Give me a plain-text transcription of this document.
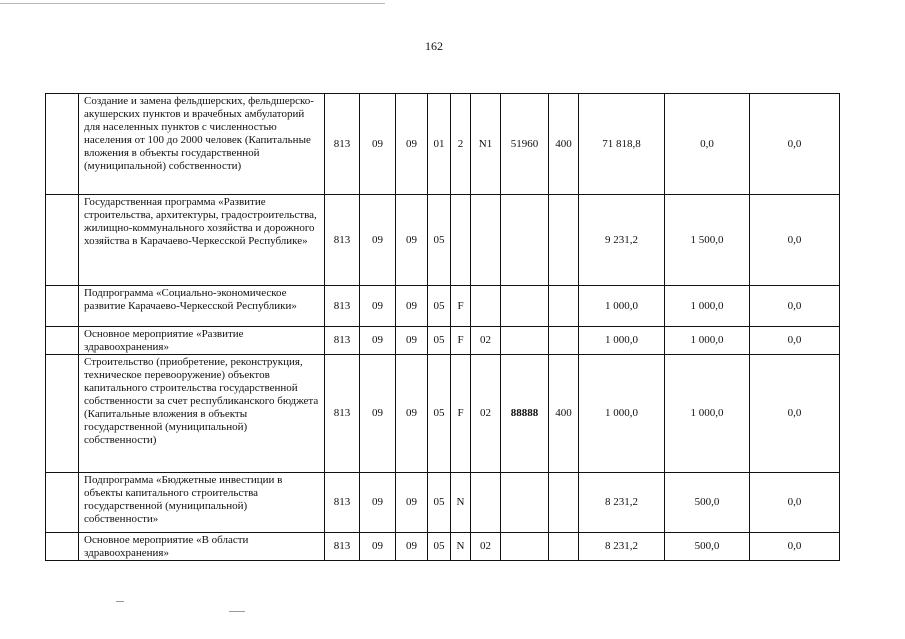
162
	Создание и замена фельдшерских, фельдшерско-акушерских пунктов и врачебных амбулаторий для населенных пунктов с численностью населения от 100 до 2000 человек (Капитальные вложения в объекты государственной (муниципальной) собственности)	813	09	09	01	2	N1	51960	400	71 818,8	0,0	0,0
	Государственная программа «Развитие строительства, архитектуры, градостроительства, жилищно-коммунального хозяйства и дорожного хозяйства в Карачаево-Черкесской Республике»	813	09	09	05					9 231,2	1 500,0	0,0
	Подпрограмма «Социально-экономическое развитие Карачаево-Черкесской Республики»	813	09	09	05	F				1 000,0	1 000,0	0,0
	Основное мероприятие «Развитие здравоохранения»	813	09	09	05	F	02			1 000,0	1 000,0	0,0
	Строительство (приобретение, реконструкция, техническое перевооружение) объектов капитального строительства государственной собственности за счет республиканского бюджета (Капитальные вложения в объекты государственной (муниципальной) собственности)	813	09	09	05	F	02	88888	400	1 000,0	1 000,0	0,0
	Подпрограмма «Бюджетные инвестиции в объекты капитального строительства государственной (муниципальной) собственности»	813	09	09	05	N				8 231,2	500,0	0,0
	Основное мероприятие «В области здравоохранения»	813	09	09	05	N	02			8 231,2	500,0	0,0
